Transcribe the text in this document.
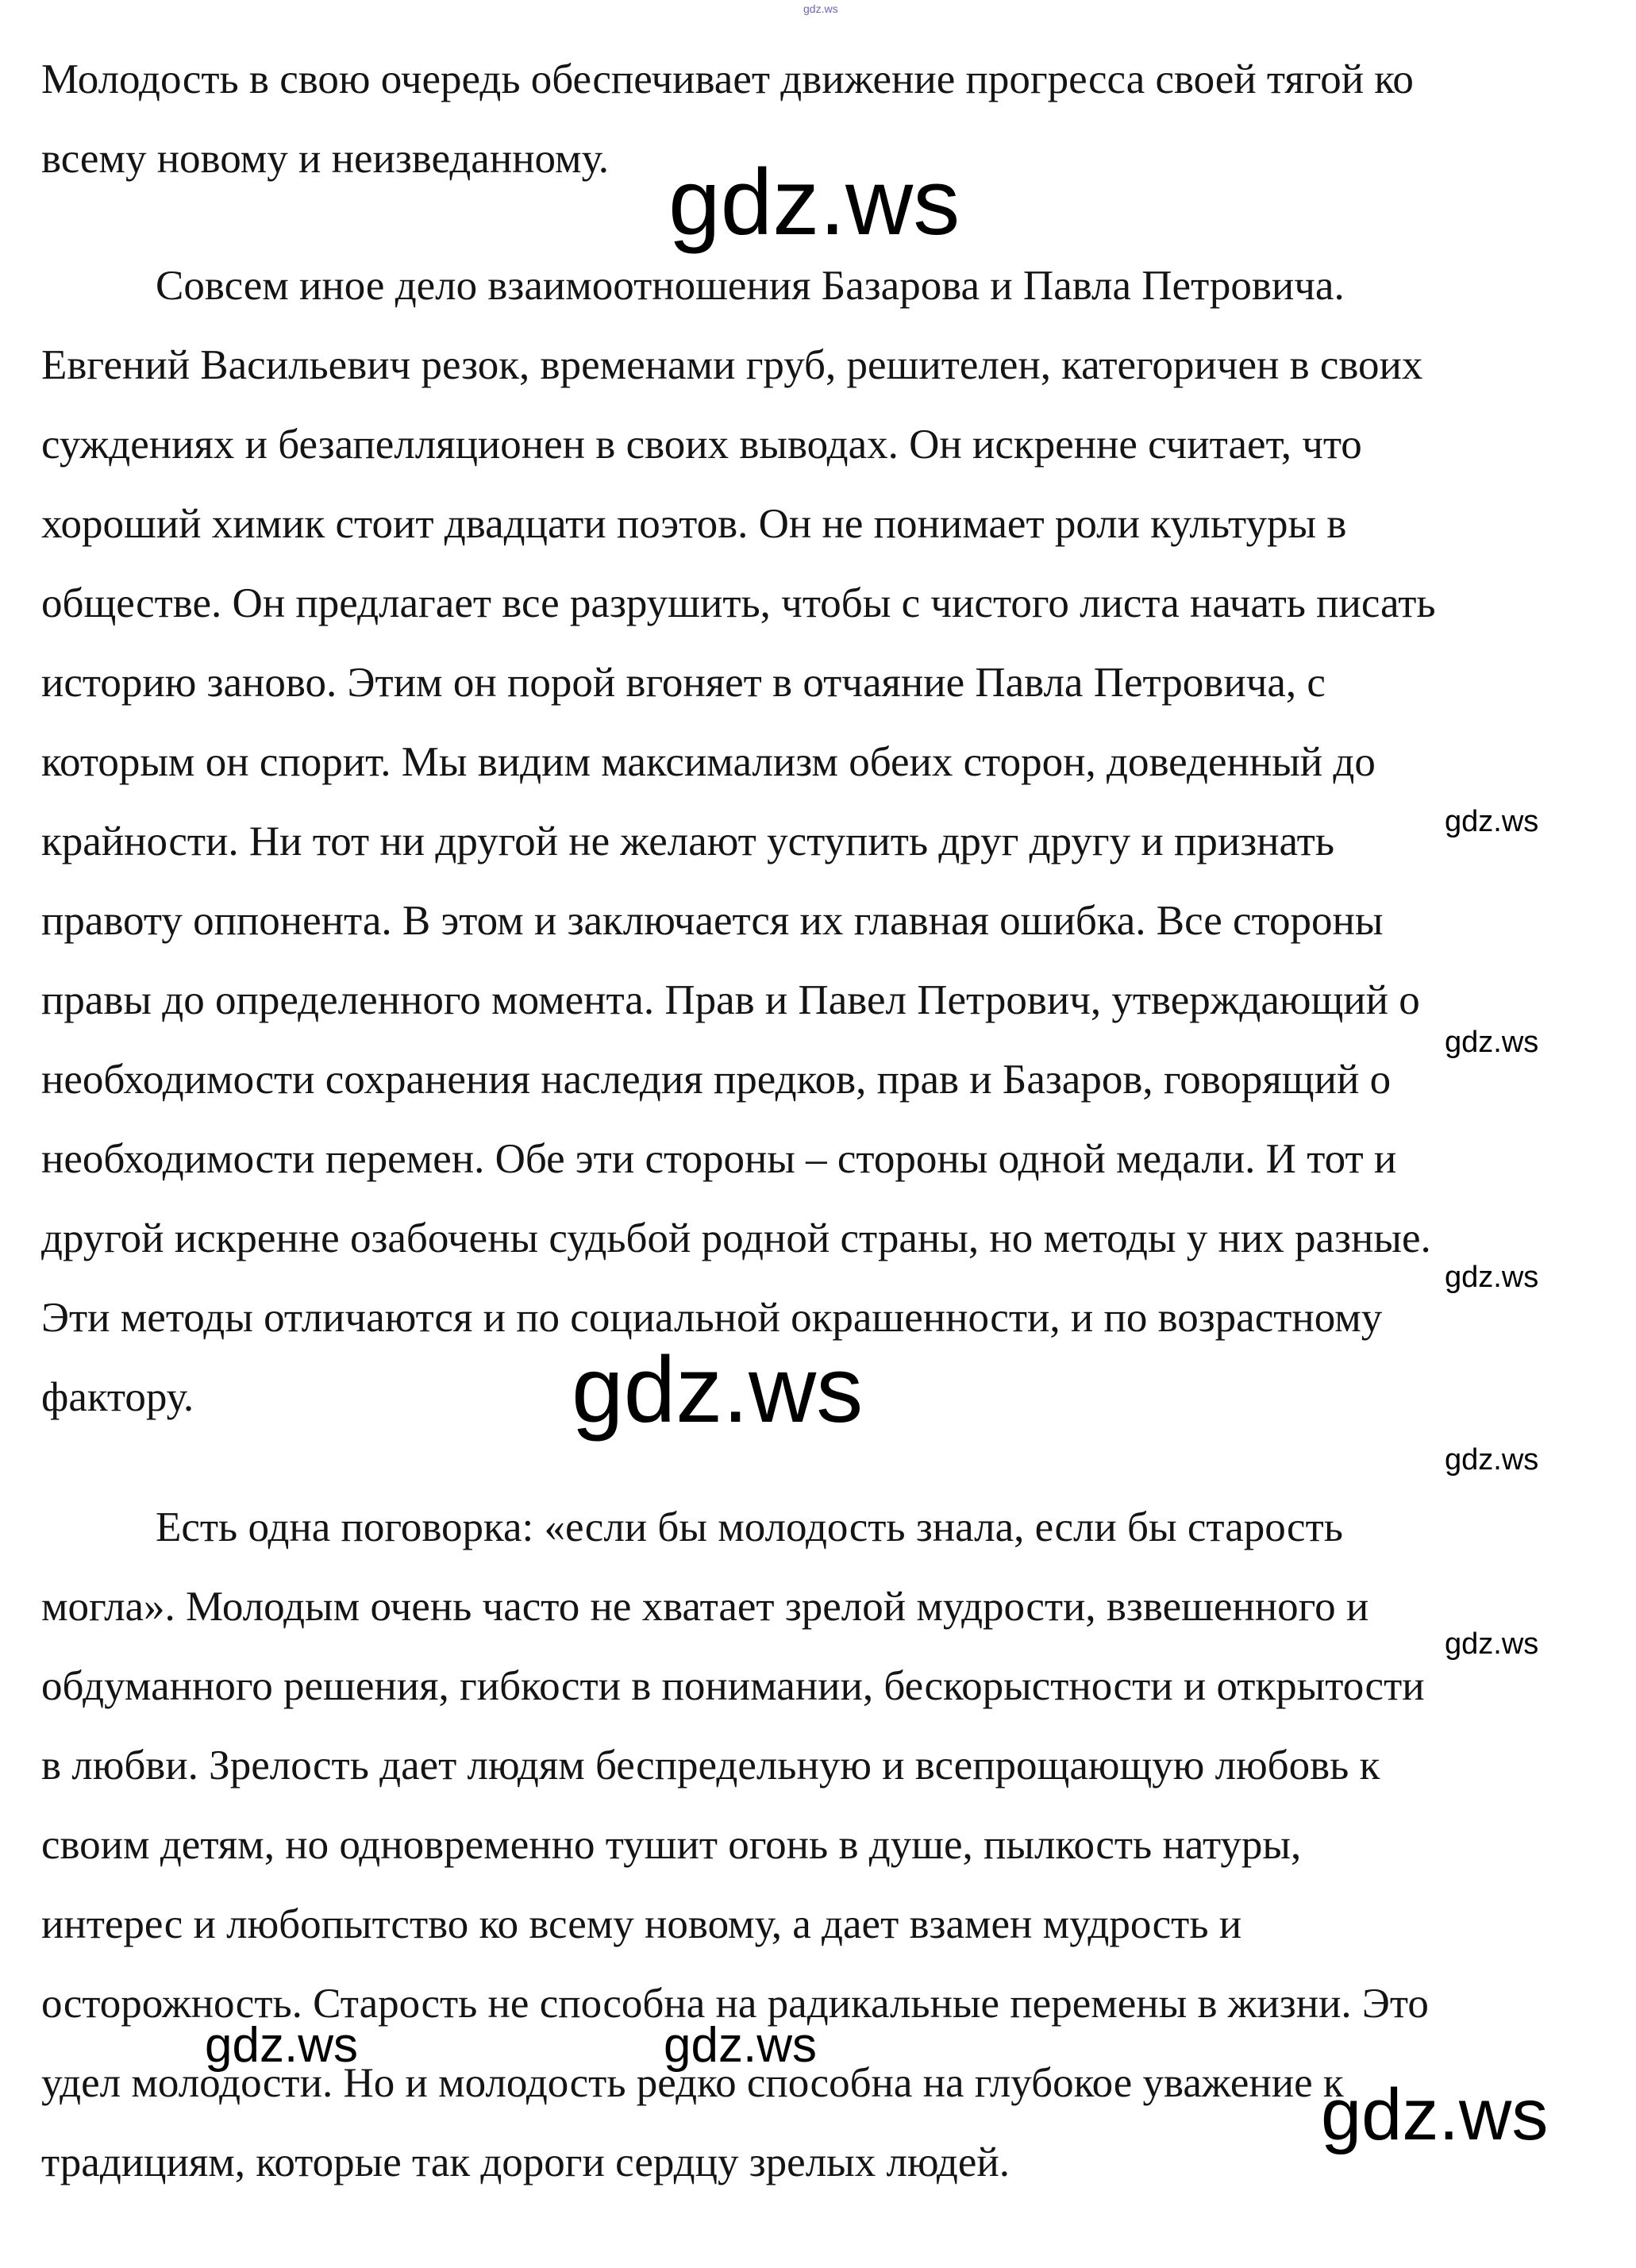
gdz.ws
Молодость в свою очередь обеспечивает движение прогресса своей тягой ко
всему новому и неизведанному.
Совсем иное дело взаимоотношения Базарова и Павла Петровича.
Евгений Васильевич резок, временами груб, решителен, категоричен в своих
суждениях и безапелляционен в своих выводах. Он искренне считает, что
хороший химик стоит двадцати поэтов. Он не понимает роли культуры в
обществе. Он предлагает все разрушить, чтобы с чистого листа начать писать
историю заново. Этим он порой вгоняет в отчаяние Павла Петровича, с
которым он спорит. Мы видим максимализм обеих сторон, доведенный до
крайности. Ни тот ни другой не желают уступить друг другу и признать
правоту оппонента. В этом и заключается их главная ошибка. Все стороны
правы до определенного момента. Прав и Павел Петрович, утверждающий о
необходимости сохранения наследия предков, прав и Базаров, говорящий о
необходимости перемен. Обе эти стороны – стороны одной медали. И тот и
другой искренне озабочены судьбой родной страны, но методы у них разные.
Эти методы отличаются и по социальной окрашенности, и по возрастному
фактору.
Есть одна поговорка: «если бы молодость знала, если бы старость
могла». Молодым очень часто не хватает зрелой мудрости, взвешенного и
обдуманного решения, гибкости в понимании, бескорыстности и открытости
в любви. Зрелость дает людям беспредельную и всепрощающую любовь к
своим детям, но одновременно тушит огонь в душе, пылкость натуры,
интерес и любопытство ко всему новому, а дает взамен мудрость и
осторожность. Старость не способна на радикальные перемены в жизни. Это
удел молодости. Но и молодость редко способна на глубокое уважение к
традициям, которые так дороги сердцу зрелых людей.
gdz.ws
gdz.ws
gdz.ws	gdz.ws
gdz.ws
gdz.ws
gdz.ws
gdz.ws
gdz.ws
gdz.ws
